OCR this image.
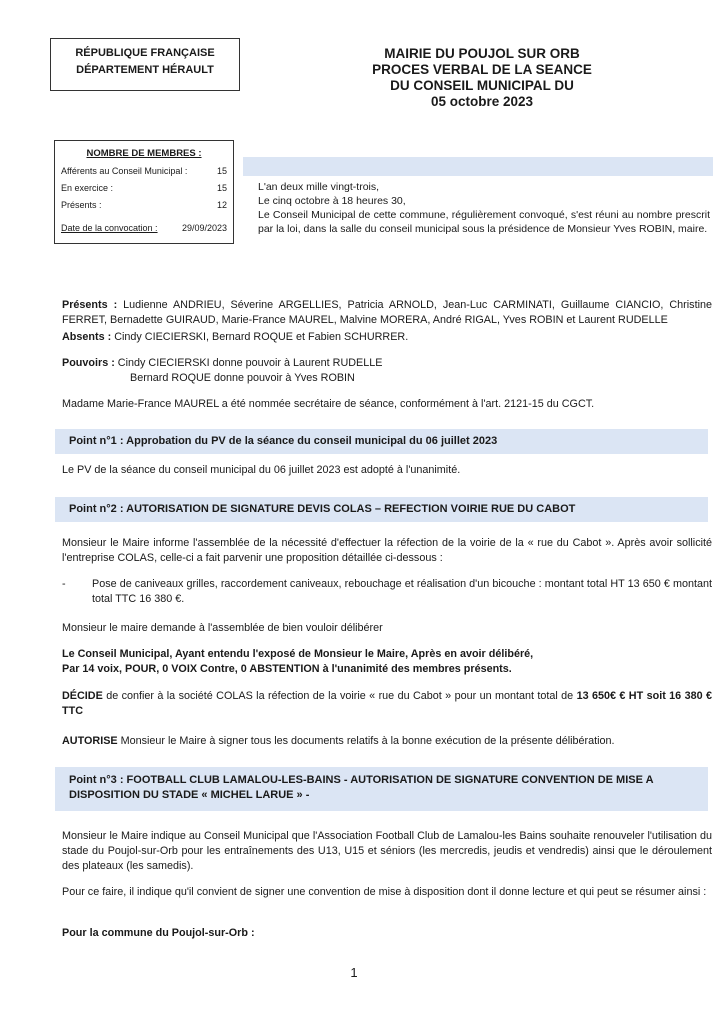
RÉPUBLIQUE FRANÇAISE
DÉPARTEMENT HÉRAULT
MAIRIE DU POUJOL SUR ORB
PROCES VERBAL DE LA SEANCE
DU CONSEIL MUNICIPAL DU
05 octobre 2023
NOMBRE DE MEMBRES :
Afférents au Conseil Municipal :	15
En exercice :	15
Présents :	12
Date de la convocation :	29/09/2023
L'an deux mille vingt-trois,
Le cinq octobre à 18 heures 30,
Le Conseil Municipal de cette commune, régulièrement convoqué, s'est réuni au nombre prescrit par la loi, dans la salle du conseil municipal sous la présidence de Monsieur Yves ROBIN, maire.
Présents : Ludienne ANDRIEU, Séverine ARGELLIES, Patricia ARNOLD, Jean-Luc CARMINATI, Guillaume CIANCIO, Christine FERRET, Bernadette GUIRAUD, Marie-France MAUREL, Malvine MORERA, André RIGAL, Yves ROBIN et Laurent RUDELLE
Absents : Cindy CIECIERSKI, Bernard ROQUE et Fabien SCHURRER.
Pouvoirs : Cindy CIECIERSKI donne pouvoir à Laurent RUDELLE
Bernard ROQUE donne pouvoir à Yves ROBIN
Madame Marie-France MAUREL a été nommée secrétaire de séance, conformément à l'art. 2121-15 du CGCT.
Point n°1 : Approbation du PV de la séance du conseil municipal du 06 juillet 2023
Le PV de la séance du conseil municipal du 06 juillet 2023 est adopté à l'unanimité.
Point n°2 : AUTORISATION DE SIGNATURE DEVIS COLAS – REFECTION VOIRIE RUE DU CABOT
Monsieur le Maire informe l'assemblée de la nécessité d'effectuer la réfection de la voirie de la « rue du Cabot ». Après avoir sollicité l'entreprise COLAS, celle-ci a fait parvenir une proposition détaillée ci-dessous :
-	Pose de caniveaux grilles, raccordement caniveaux, rebouchage et réalisation d'un bicouche : montant total HT 13 650 € montant total TTC 16 380 €.
Monsieur le maire demande à l'assemblée de bien vouloir délibérer
Le Conseil Municipal, Ayant entendu l'exposé de Monsieur le Maire, Après en avoir délibéré,
Par 14 voix, POUR, 0 VOIX Contre, 0 ABSTENTION à l'unanimité des membres présents.
DÉCIDE de confier à la société COLAS la réfection de la voirie « rue du Cabot » pour un montant total de 13 650€ € HT soit 16 380 € TTC
AUTORISE Monsieur le Maire à signer tous les documents relatifs à la bonne exécution de la présente délibération.
Point n°3 : FOOTBALL CLUB LAMALOU-LES-BAINS - AUTORISATION DE SIGNATURE CONVENTION DE MISE A DISPOSITION DU STADE « MICHEL LARUE » -
Monsieur le Maire indique au Conseil Municipal que l'Association Football Club de Lamalou-les Bains souhaite renouveler l'utilisation du stade du Poujol-sur-Orb pour les entraînements des U13, U15 et séniors (les mercredis, jeudis et vendredis) ainsi que le déroulement des plateaux (les samedis).
Pour ce faire, il indique qu'il convient de signer une convention de mise à disposition dont il donne lecture et qui peut se résumer ainsi :
Pour la commune du Poujol-sur-Orb :
1
